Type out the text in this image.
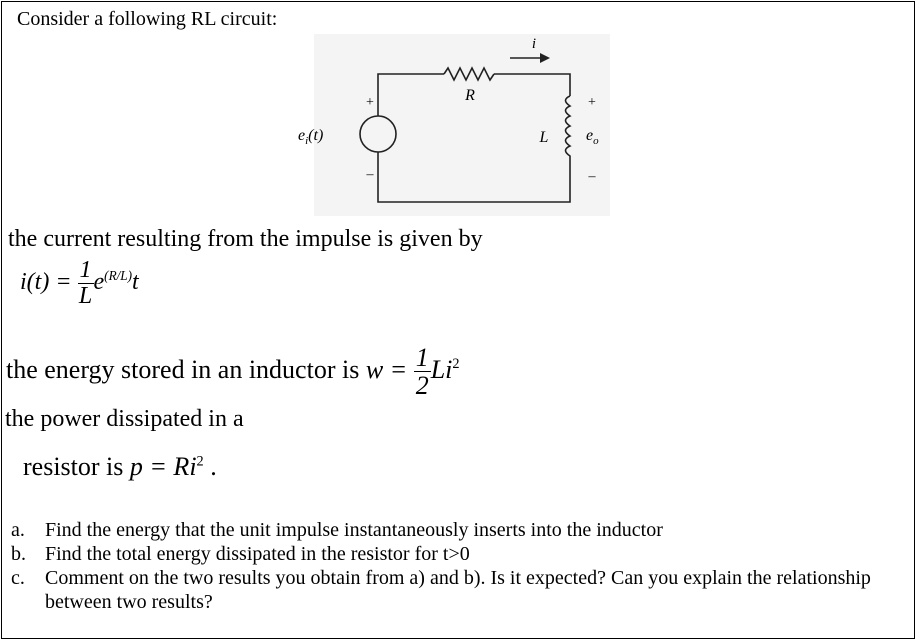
Consider a following RL circuit:
R
i
+
–
$e_i(t)$	L
+
–
$e_o$
the current resulting from the impulse is given by
$i(t) = \frac{1}{L} e^{(R/L)}t$
the energy stored in an inductor is $w = \frac{1}{2} Li^2$
the power dissipated in a
resistor is $p = Ri^2$ .
a.	Find the energy that the unit impulse instantaneously inserts into the inductor
b. Find the total energy dissipated in the resistor for t>0
c.	Comment on the two results you obtain from a) and b). Is it expected? Can you explain the relationship between two results?
